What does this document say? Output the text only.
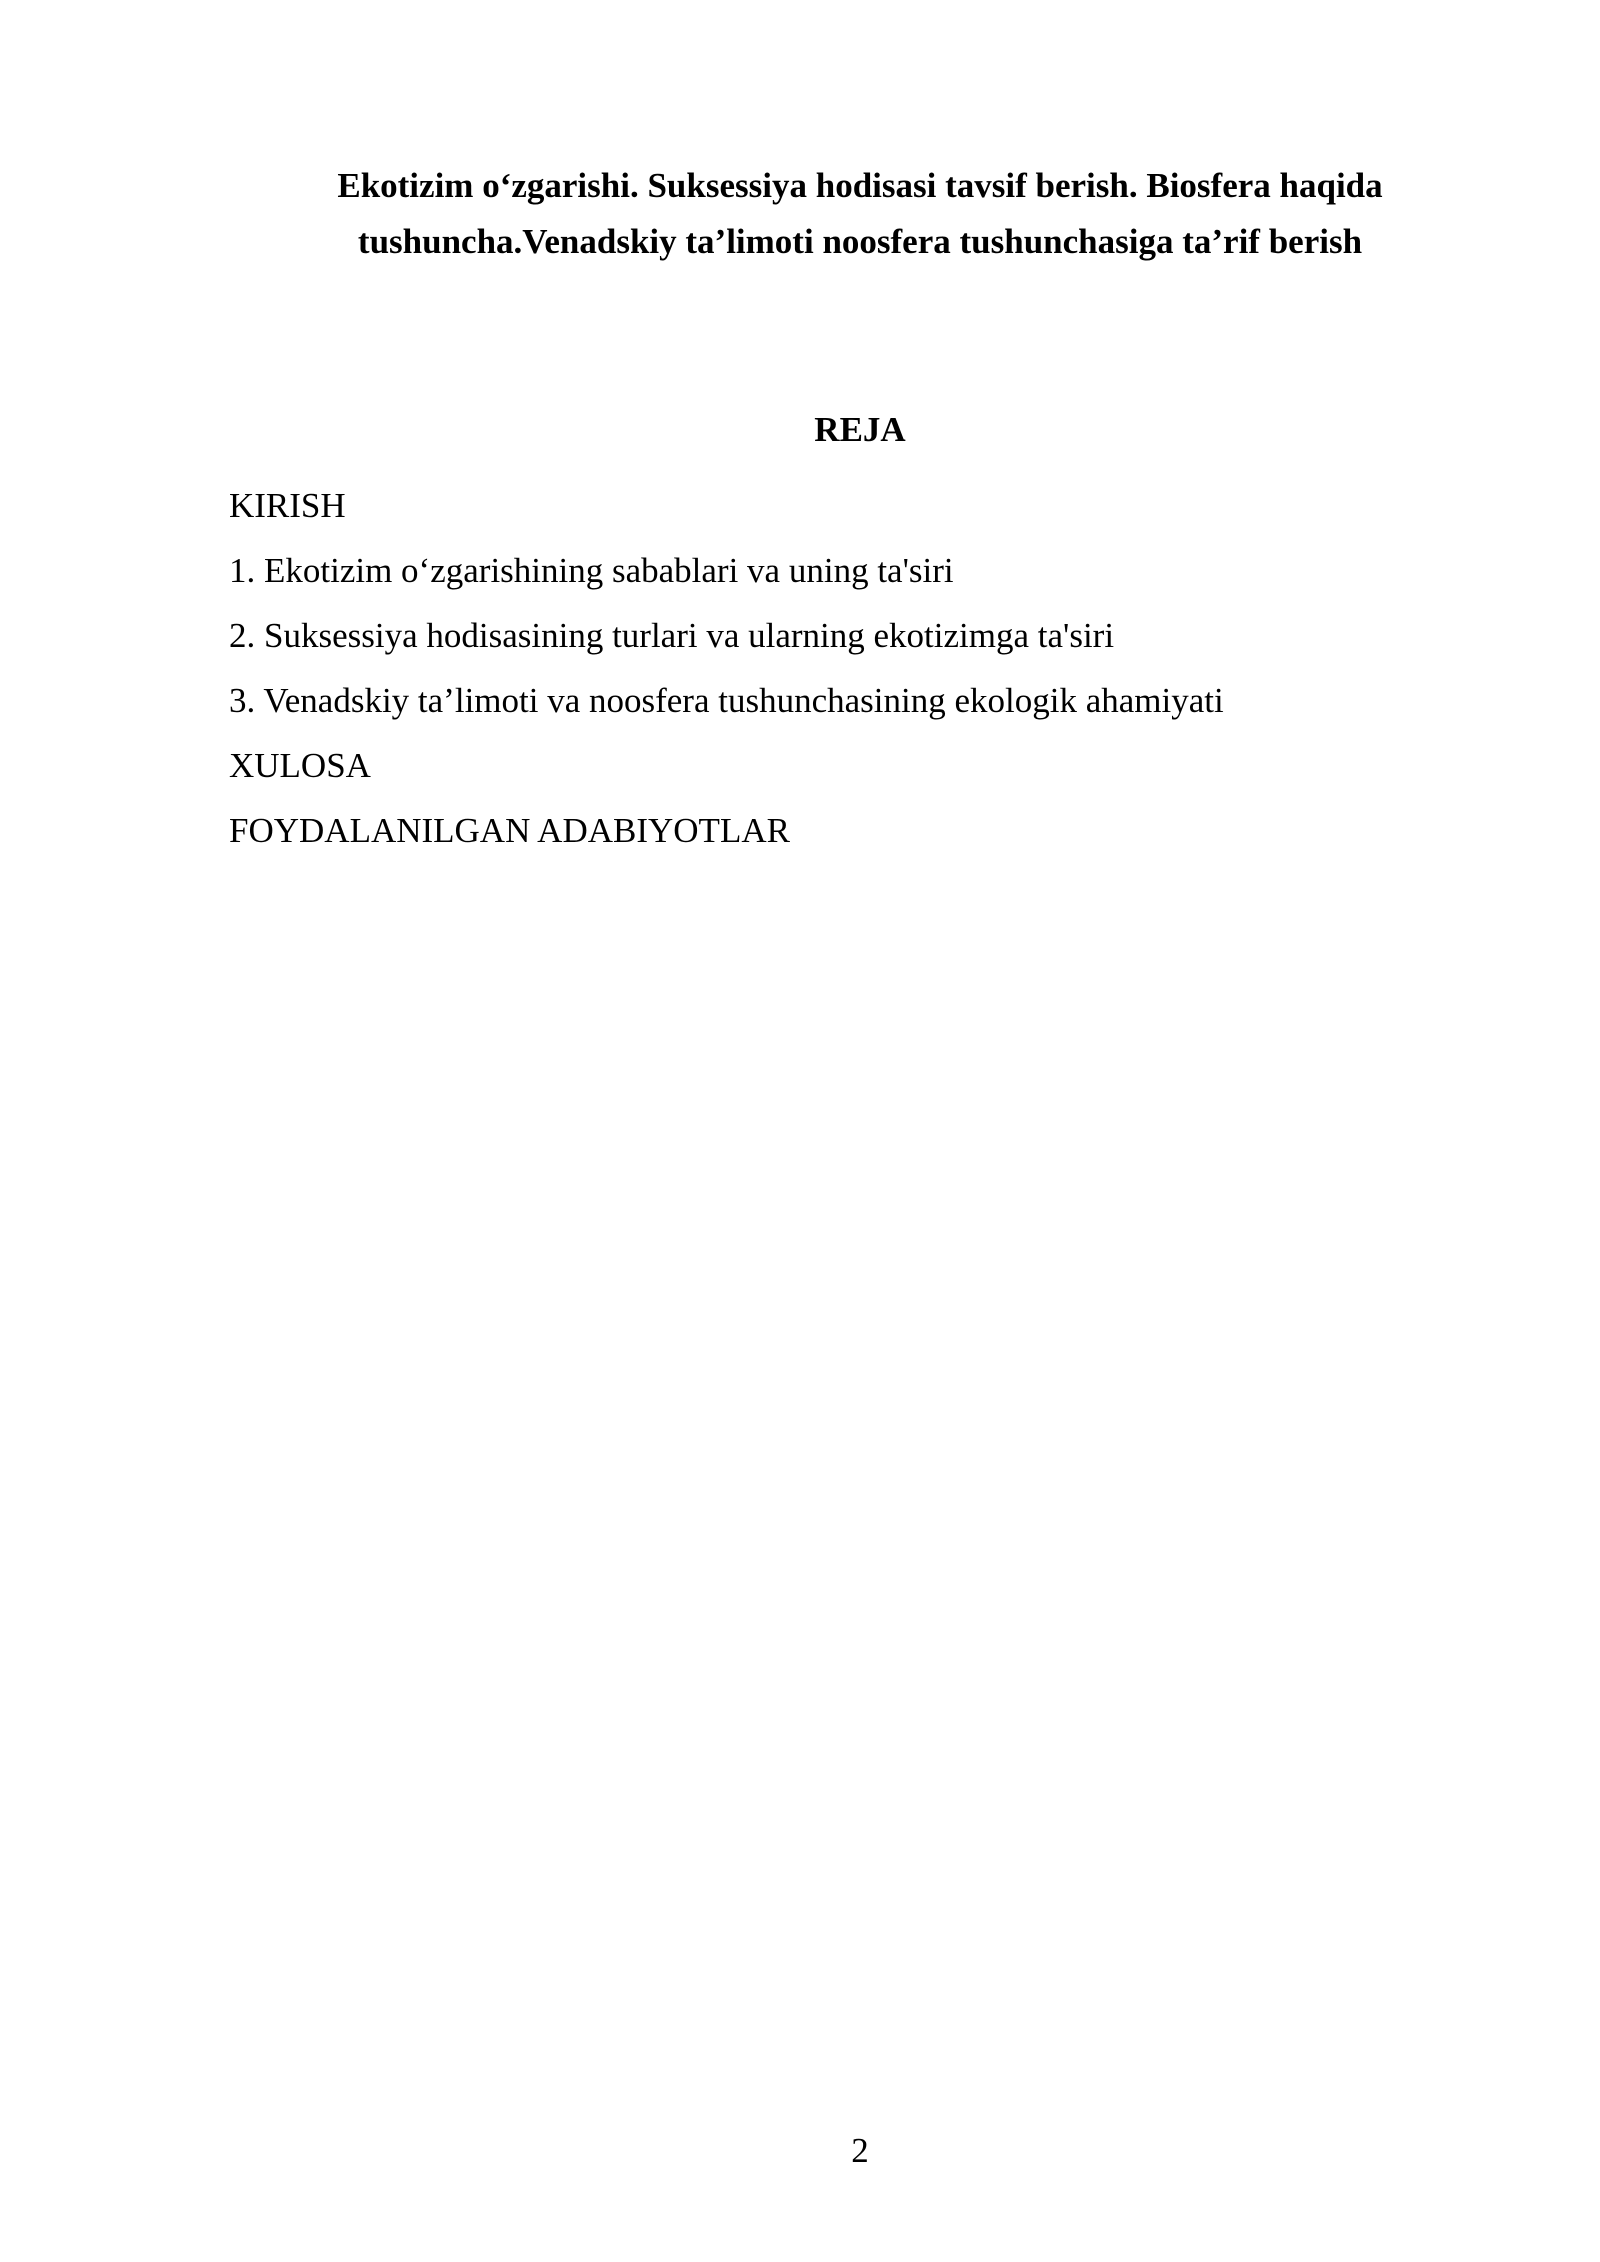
Ekotizim o‘zgarishi. Suksessiya hodisasi tavsif berish. Biosfera haqida
tushuncha.Venadskiy ta’limoti noosfera tushunchasiga ta’rif berish
REJA
KIRISH
1. Ekotizim o‘zgarishining sabablari va uning ta'siri
2. Suksessiya hodisasining turlari va ularning ekotizimga ta'siri
3. Venadskiy ta’limoti va noosfera tushunchasining ekologik ahamiyati
XULOSA
FOYDALANILGAN ADABIYOTLAR
2
